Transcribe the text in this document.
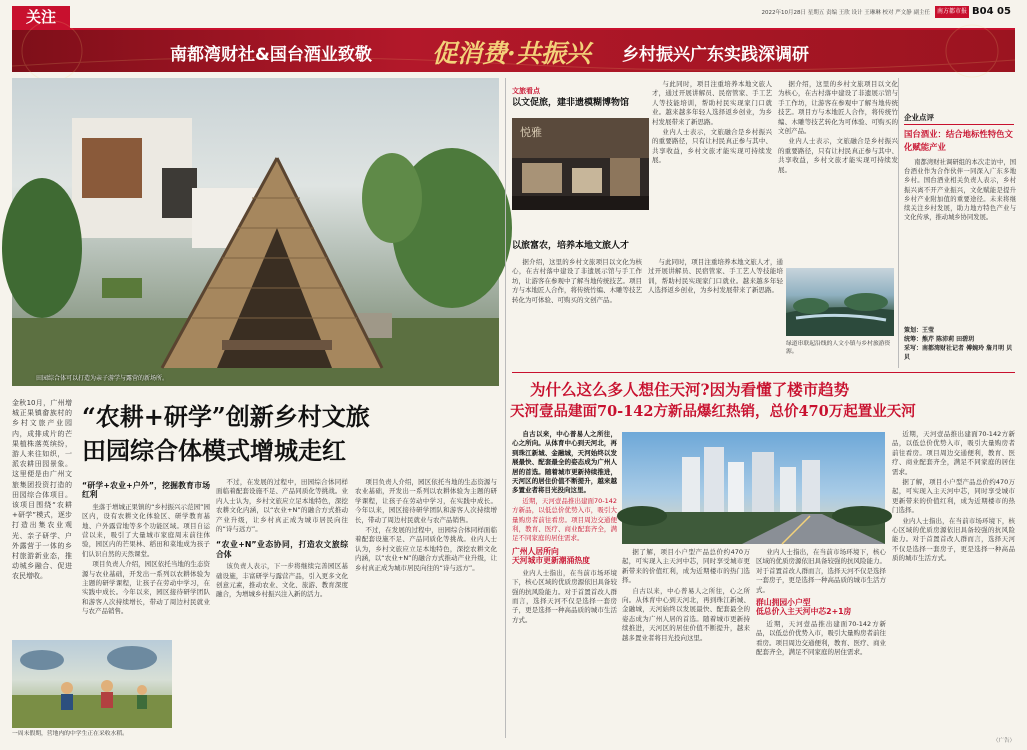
关注	2022年10月28日 星期五 责编 王欣 设计 王琳琳 校对 严文静 副主任	南方都市报 B04 05
南都湾财社&国台酒业致敬 促消费·共振兴 乡村振兴广东实践深调研
田园综合体可以打造为亲子游学与露营的新场所。

金秋10月，广州增城正果镇畲族村的乡村文旅产业园内，成排成片的芒果植株落英缤纷，游人来往如织，一派农耕田园景象。这里便是由广州文旅集团投资打造的田园综合体项目。该项目围绕“农耕+研学”模式，逐步打造出集农业观光、亲子研学、户外露营于一体的乡村旅游新业态，推动城乡融合、促进农民增收。

一周末假期，营地内的中学生正在采收水稻。
“农耕+研学”创新乡村文旅
田园综合体模式增城走红
“研学+农业+户外”，挖掘教育市场红利

坐落于增城正果镇的“乡村振兴示范园”园区内，设有农耕文化体验区、研学教育基地、户外露营地等多个功能区域。项目自运营以来，吸引了大量城市家庭周末前往体验，园区内的芒果林、稻田和菜地成为孩子们认识自然的天然课堂。

项目负责人介绍，园区依托当地的生态资源与农业基础，开发出一系列以农耕体验为主题的研学课程，让孩子在劳动中学习，在实践中成长。今年以来，园区接待研学团队和游客人次持续增长，带动了周边村民就业与农产品销售。

不过，在发展的过程中，田园综合体同样面临着配套设施不足、产品同质化等挑战。业内人士认为，乡村文旅应立足本地特色，深挖农耕文化内涵，以“农业+N”的融合方式推动产业升级，让乡村真正成为城市居民向往的“诗与远方”。

“农业+N”业态协同，打造农文旅综合体

该负责人表示，下一步将继续完善园区基础设施，丰富研学与露营产品，引入更多文化创意元素，推动农业、文化、旅游、教育深度融合，为增城乡村振兴注入新的活力。

项目负责人介绍，园区依托当地的生态资源与农业基础，开发出一系列以农耕体验为主题的研学课程，让孩子在劳动中学习，在实践中成长。今年以来，园区接待研学团队和游客人次持续增长，带动了周边村民就业与农产品销售。

不过，在发展的过程中，田园综合体同样面临着配套设施不足、产品同质化等挑战。业内人士认为，乡村文旅应立足本地特色，深挖农耕文化内涵，以“农业+N”的融合方式推动产业升级，让乡村真正成为城市居民向往的“诗与远方”。

文旅看点
以文促旅，建非遗模糊博物馆
悦雅
以旅富农，培养本地文旅人才

据介绍，这里的乡村文旅项目以文化为核心，在古村落中建设了非遗展示馆与手工作坊，让游客在参观中了解当地传统技艺。项目方与本地匠人合作，将传统竹编、木雕等技艺转化为可体验、可购买的文创产品。

与此同时，项目注重培养本地文旅人才，通过开展讲解员、民宿管家、手工艺人等技能培训，帮助村民实现家门口就业。越来越多年轻人选择返乡创业，为乡村发展带来了新思路。

业内人士表示，文旅融合是乡村振兴的重要路径，只有让村民真正参与其中、共享收益，乡村文旅才能实现可持续发展。

与此同时，项目注重培养本地文旅人才，通过开展讲解员、民宿管家、手工艺人等技能培训，帮助村民实现家门口就业。越来越多年轻人选择返乡创业，为乡村发展带来了新思路。

据介绍，这里的乡村文旅项目以文化为核心，在古村落中建设了非遗展示馆与手工作坊，让游客在参观中了解当地传统技艺。项目方与本地匠人合作，将传统竹编、木雕等技艺转化为可体验、可购买的文创产品。

业内人士表示，文旅融合是乡村振兴的重要路径，只有让村民真正参与其中、共享收益，乡村文旅才能实现可持续发展。

绿道串联起沿线的人文小镇与乡村旅游资源。
企业点评
国台酒业：结合地标性特色文化赋能产业

南都湾财社调研组的本次走访中，国台酒业作为合作伙伴一同深入广东多地乡村。国台酒业相关负责人表示，乡村振兴离不开产业振兴，文化赋能是提升乡村产业附加值的重要途径。未来将继续关注乡村发展，助力地方特色产业与文化传承，推动城乡协同发展。

策划：王莹
统筹：熊芹 陈沛莉 田碧玥
采写：南都湾财社记者 傅婉玲 詹月明 贝贝
为什么这么多人想住天河?因为看懂了楼市趋势
天河壹品建面70-142方新品爆红热销，总价470万起置业天河

自古以来，中心普易人之所往，心之所向。从体育中心到天河北，再到珠江新城、金融城，天河始终以发展最快、配套最全的姿态成为广州人居的首选。随着城市更新持续推进，天河区的居住价值不断提升，越来越多置业者将目光投向这里。

近期，天河壹品推出建面70-142方新品，以低总价优势入市，吸引大量购房者前往看房。项目周边交通便利，教育、医疗、商业配套齐全，满足不同家庭的居住需求。

广州人居所向
天河城市更新潮涌热度

业内人士指出，在当前市场环境下，核心区域的优质房源依旧具备较强的抗风险能力。对于首置首改人群而言，选择天河不仅是选择一套房子，更是选择一种高品质的城市生活方式。

据了解，项目小户型产品总价约470万起，可实现入主天河中芯，同时享受城市更新带来的价值红利，成为近期楼市的热门选择。

自古以来，中心普易人之所往，心之所向。从体育中心到天河北，再到珠江新城、金融城，天河始终以发展最快、配套最全的姿态成为广州人居的首选。随着城市更新持续推进，天河区的居住价值不断提升，越来越多置业者将目光投向这里。

业内人士指出，在当前市场环境下，核心区域的优质房源依旧具备较强的抗风险能力。对于首置首改人群而言，选择天河不仅是选择一套房子，更是选择一种高品质的城市生活方式。

群山拥园小户型
低总价入主天河中芯2+1房

近期，天河壹品推出建面70-142方新品，以低总价优势入市，吸引大量购房者前往看房。项目周边交通便利，教育、医疗、商业配套齐全，满足不同家庭的居住需求。

近期，天河壹品推出建面70-142方新品，以低总价优势入市，吸引大量购房者前往看房。项目周边交通便利，教育、医疗、商业配套齐全，满足不同家庭的居住需求。

据了解，项目小户型产品总价约470万起，可实现入主天河中芯，同时享受城市更新带来的价值红利，成为近期楼市的热门选择。

业内人士指出，在当前市场环境下，核心区域的优质房源依旧具备较强的抗风险能力。对于首置首改人群而言，选择天河不仅是选择一套房子，更是选择一种高品质的城市生活方式。

（广告）
